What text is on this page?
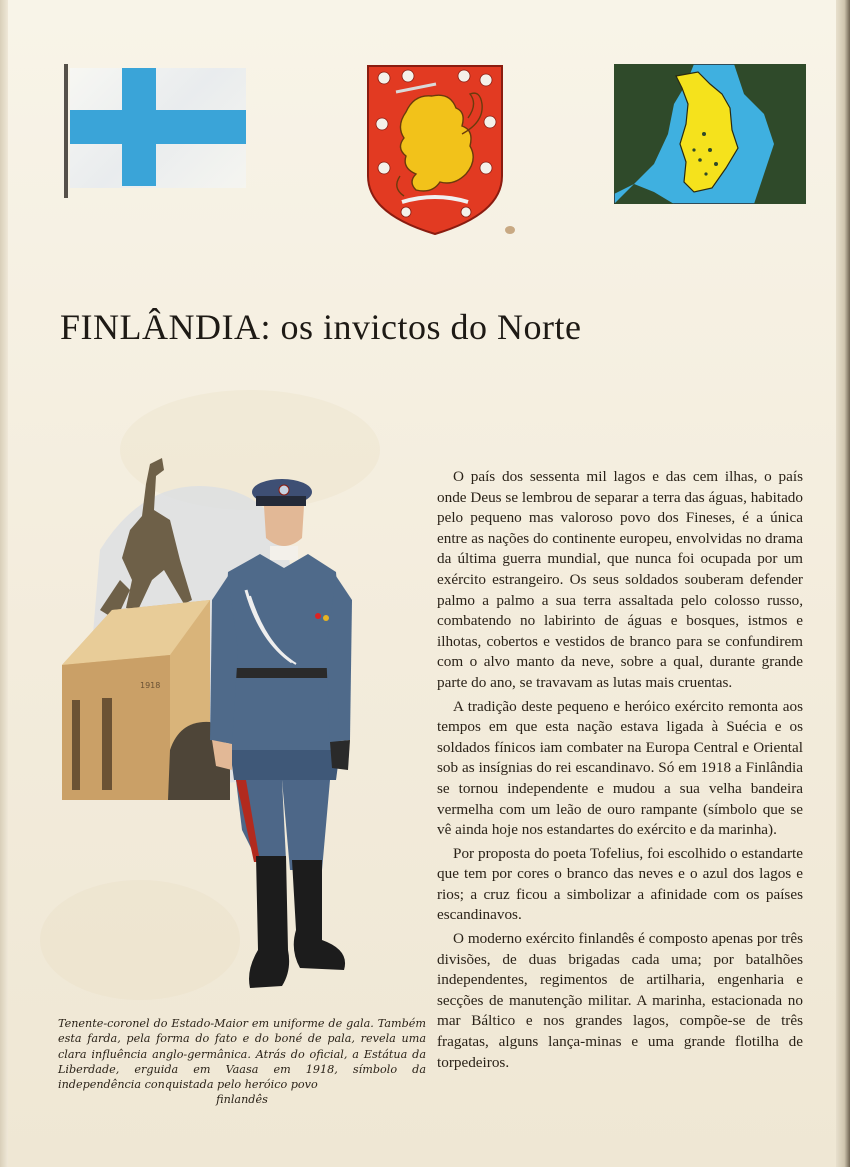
FINLÂNDIA: os invictos do Norte
1918
Tenente-coronel do Estado-Maior em uniforme de gala. Também esta farda, pela forma do fato e do boné de pala, revela uma clara influência anglo-germânica. Atrás do oficial, a Estátua da Liberdade, erguida em Vaasa em 1918, símbolo da independência conquistada pelo heróico povo
finlandês

O país dos sessenta mil lagos e das cem ilhas, o país onde Deus se lembrou de separar a terra das águas, habitado pelo pequeno mas valoroso povo dos Fineses, é a única entre as nações do continente europeu, envolvidas no drama da última guerra mundial, que nunca foi ocupada por um exército estrangeiro. Os seus soldados souberam defender palmo a palmo a sua terra assaltada pelo colosso russo, combatendo no labirinto de águas e bosques, istmos e ilhotas, cobertos e vestidos de branco para se confundirem com o alvo manto da neve, sobre a qual, durante grande parte do ano, se travavam as lutas mais cruentas.

A tradição deste pequeno e heróico exército remonta aos tempos em que esta nação estava ligada à Suécia e os soldados fínicos iam combater na Europa Central e Oriental sob as insígnias do rei escandinavo. Só em 1918 a Finlândia se tornou independente e mudou a sua velha bandeira vermelha com um leão de ouro rampante (símbolo que se vê ainda hoje nos estandartes do exército e da marinha).

Por proposta do poeta Tofelius, foi escolhido o estandarte que tem por cores o branco das neves e o azul dos lagos e rios; a cruz ficou a simbolizar a afinidade com os países escandinavos.

O moderno exército finlandês é composto apenas por três divisões, de duas brigadas cada uma; por batalhões independentes, regimentos de artilharia, engenharia e secções de manutenção militar. A marinha, estacionada no mar Báltico e nos grandes lagos, compõe-se de três fragatas, alguns lança-minas e uma grande flotilha de torpedeiros.
